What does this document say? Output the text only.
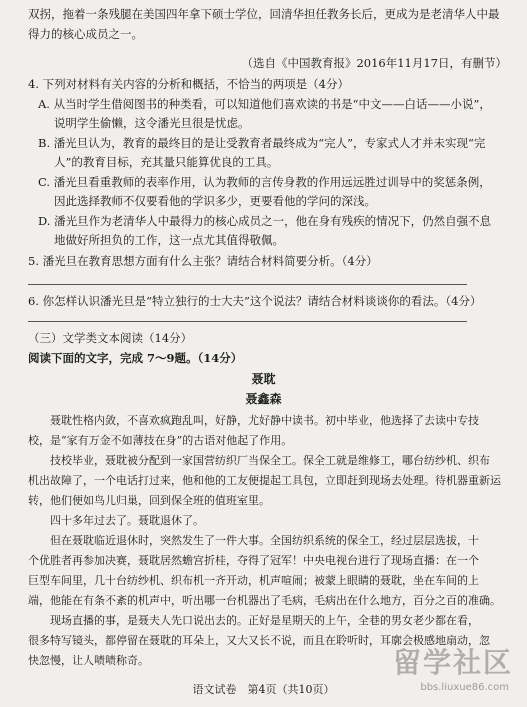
双拐，拖着一条残腿在美国四年拿下硕士学位，回清华担任教务长后，更成为是老清华人中最
得力的核心成员之一。
（选自《中国教育报》2016年11月17日，有删节）
4. 下列对材料有关内容的分析和概括，不恰当的两项是（4分）
A. 从当时学生借阅图书的种类看，可以知道他们喜欢读的书是“中文——白话——小说”，
说明学生偷懒，这令潘光旦很是忧虑。
B. 潘光旦认为，教育的最终目的是让受教育者最终成为“完人”，专家式人才并未实现“完
人”的教育目标，充其量只能算优良的工具。
C. 潘光旦看重教师的表率作用，认为教师的言传身教的作用远远胜过训导中的奖惩条例，
因此选择教师不仅要看他的学识多少，更要看他的学问的深浅。
D. 潘光旦作为老清华人中最得力的核心成员之一，他在身有残疾的情况下，仍然自强不息
地做好所担负的工作，这一点尤其值得敬佩。
5. 潘光旦在教育思想方面有什么主张？请结合材料简要分析。（4分）
6. 你怎样认识潘光旦是“特立独行的士大夫”这个说法？请结合材料谈谈你的看法。（4分）
（三）文学类文本阅读（14分）
阅读下面的文字，完成 7～9题。（14分）
聂耽
聂鑫森
聂耽性格内敛，不喜欢疯跑乱叫，好静，尤好静中读书。初中毕业，他选择了去读中专技
校，是“家有万金不如薄技在身”的古语对他起了作用。
技校毕业，聂耽被分配到一家国营纺织厂当保全工。保全工就是维修工，哪台纺纱机、织布
机出故障了，一个电话打过来，他和他的工友便提起工具包，立即赶到现场去处理。待机器重新运
转，他们便如鸟儿归巢，回到保全班的值班室里。
四十多年过去了。聂耽退休了。
但在聂耽临近退休时，突然发生了一件大事。全国纺织系统的保全工，经过层层选拔，十
个优胜者再参加决赛，聂耽居然蟾宫折桂，夺得了冠军！中央电视台进行了现场直播：在一个
巨型车间里，几十台纺纱机、织布机一齐开动，机声喧闹；被蒙上眼睛的聂耽，坐在车间的上
端，他能在有条不紊的机声中，听出哪一台机器出了毛病，毛病出在什么地方，百分之百的准确。
现场直播的事，是聂夫人先口说出去的。正好是星期天的上午，全巷的男女老少都在看，
很多特写镜头，都停留在聂耽的耳朵上，又大又长不说，而且在聆听时，耳廓会极感地扇动，忽
快忽慢，让人啧啧称奇。
语文试卷　第4页（共10页）
留学社区
bbs.liuxue86.com
